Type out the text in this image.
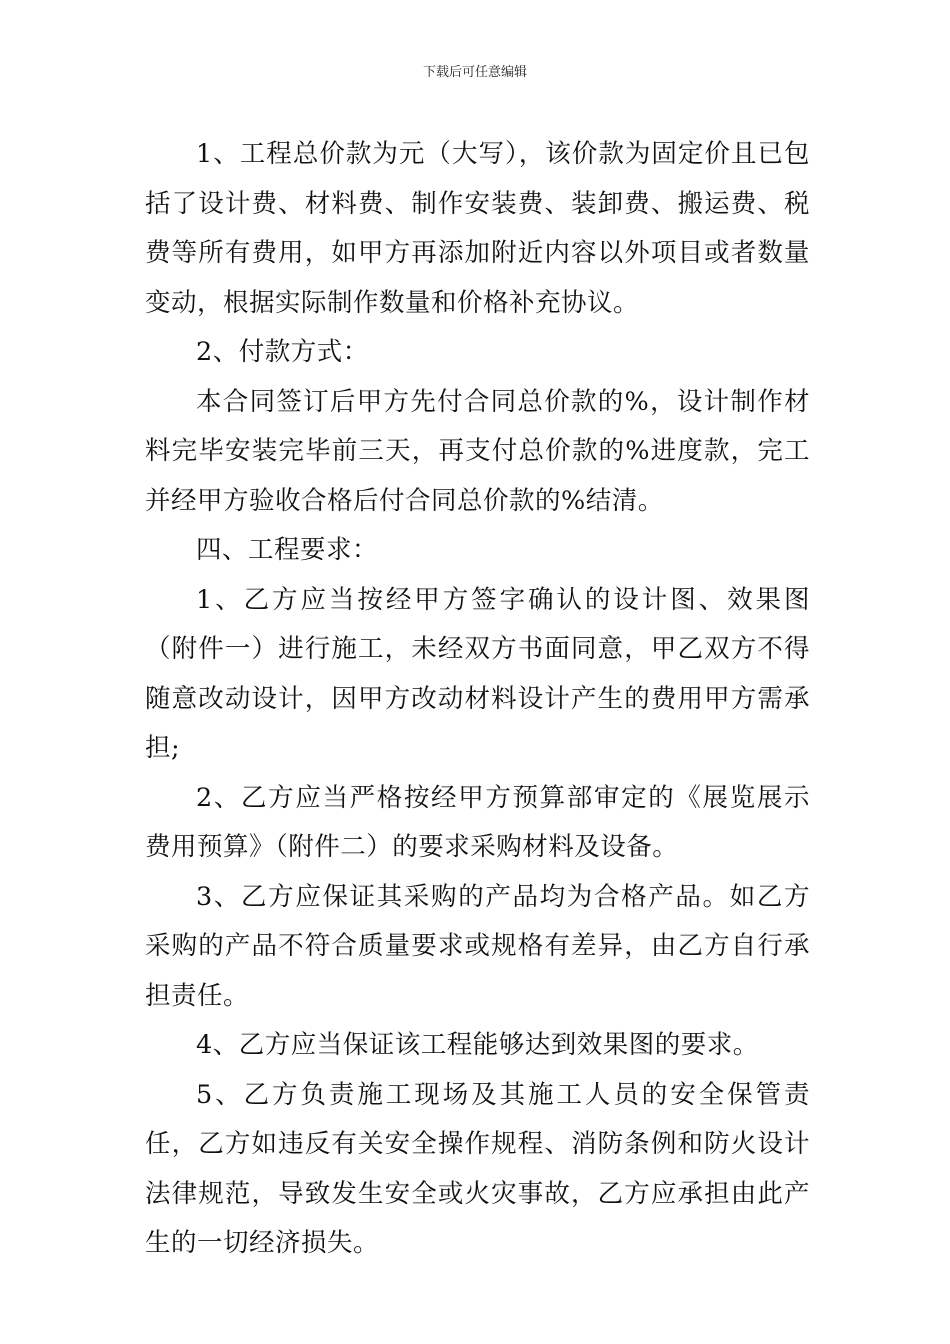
下载后可任意编辑

1、工程总价款为元（大写），该价款为固定价且已包括了设计费、材料费、制作安装费、装卸费、搬运费、税费等所有费用，如甲方再添加附近内容以外项目或者数量变动，根据实际制作数量和价格补充协议。

2、付款方式：

本合同签订后甲方先付合同总价款的%，设计制作材料完毕安装完毕前三天，再支付总价款的%进度款，完工并经甲方验收合格后付合同总价款的%结清。

四、工程要求：

1、乙方应当按经甲方签字确认的设计图、效果图（附件一）进行施工，未经双方书面同意，甲乙双方不得随意改动设计，因甲方改动材料设计产生的费用甲方需承担;

2、乙方应当严格按经甲方预算部审定的《展览展示费用预算》（附件二）的要求采购材料及设备。

3、乙方应保证其采购的产品均为合格产品。如乙方采购的产品不符合质量要求或规格有差异，由乙方自行承担责任。

4、乙方应当保证该工程能够达到效果图的要求。

5、乙方负责施工现场及其施工人员的安全保管责任，乙方如违反有关安全操作规程、消防条例和防火设计法律规范，导致发生安全或火灾事故，乙方应承担由此产生的一切经济损失。
